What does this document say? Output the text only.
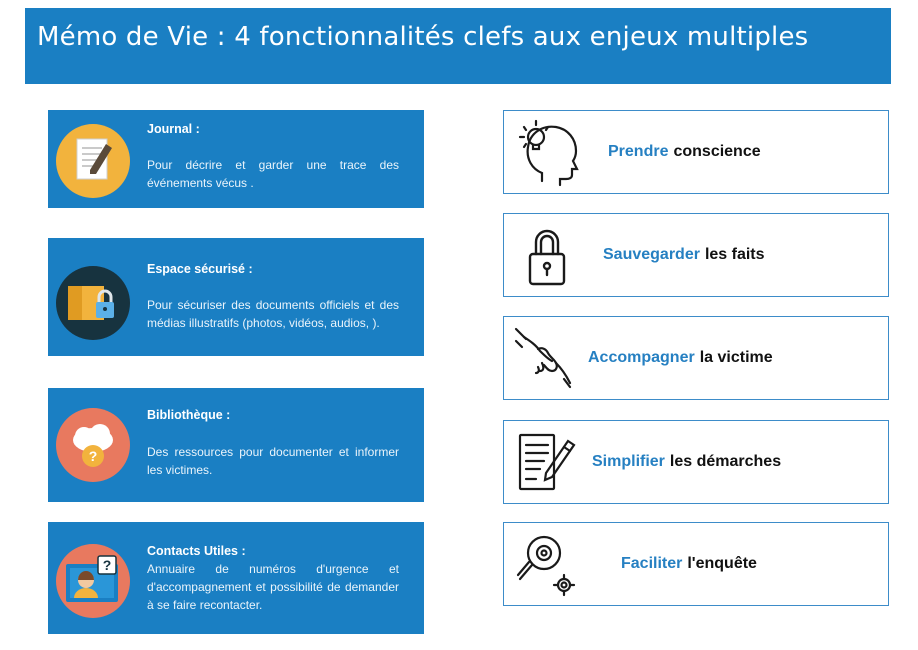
Mémo de Vie : 4 fonctionnalités clefs aux enjeux multiples
Journal :
Pour décrire et garder une trace des événements vécus .
Espace sécurisé :
Pour sécuriser des documents officiels et des médias illustratifs (photos, vidéos, audios, ).
?
Bibliothèque :
Des ressources pour documenter et informer les victimes.
?
Contacts Utiles :
Annuaire de numéros d'urgence et d'accompagnement et possibilité de demander à se faire recontacter.
Prendre conscience
Sauvegarder les faits
Accompagner la victime
Simplifier les démarches
Faciliter l'enquête
